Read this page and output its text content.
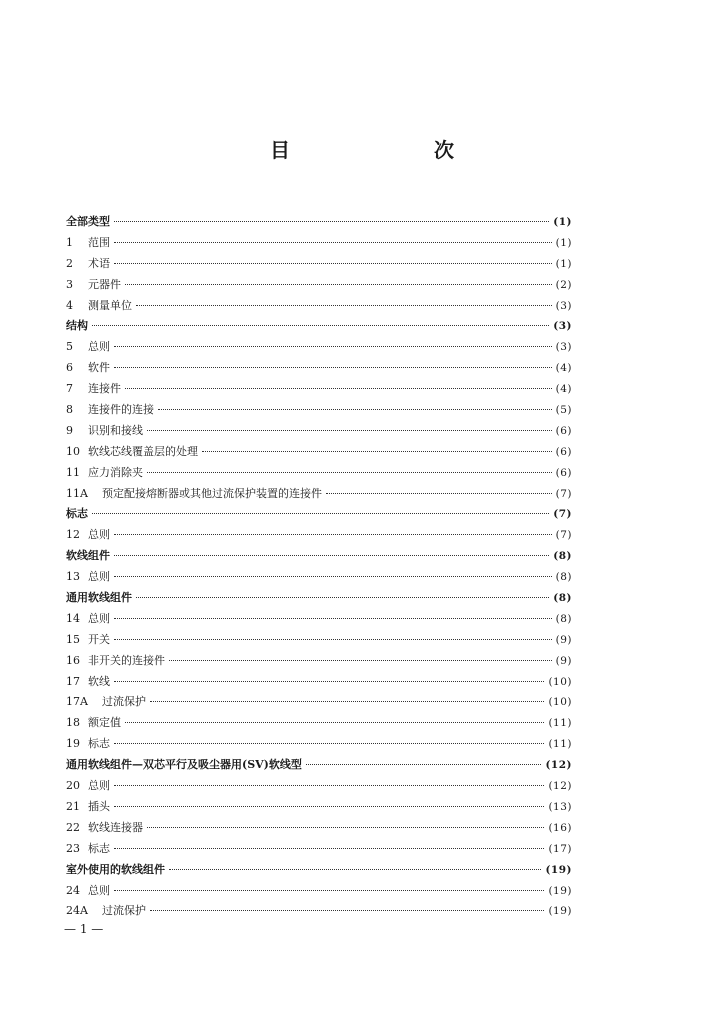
目　次
全部类型	(1)
1	范围	(1)
2	术语	(1)
3	元器件	(2)
4	测量单位	(3)
结构	(3)
5	总则	(3)
6	软件	(4)
7	连接件	(4)
8	连接件的连接	(5)
9	识别和接线	(6)
10 软线芯线覆盖层的处理	(6)
11 应力消除夹	(6)
11A	预定配接熔断器或其他过流保护装置的连接件	(7)
标志	(7)
12 总则	(7)
软线组件	(8)
13 总则	(8)
通用软线组件	(8)
14 总则	(8)
15 开关	(9)
16 非开关的连接件	(9)
17 软线	(10)
17A	过流保护	(10)
18 额定值	(11)
19 标志	(11)
通用软线组件—双芯平行及吸尘器用(SV)软线型	(12)
20 总则	(12)
21 插头	(13)
22 软线连接器	(16)
23 标志	(17)
室外使用的软线组件	(19)
24 总则	(19)
24A	过流保护	(19)
— 1 —
